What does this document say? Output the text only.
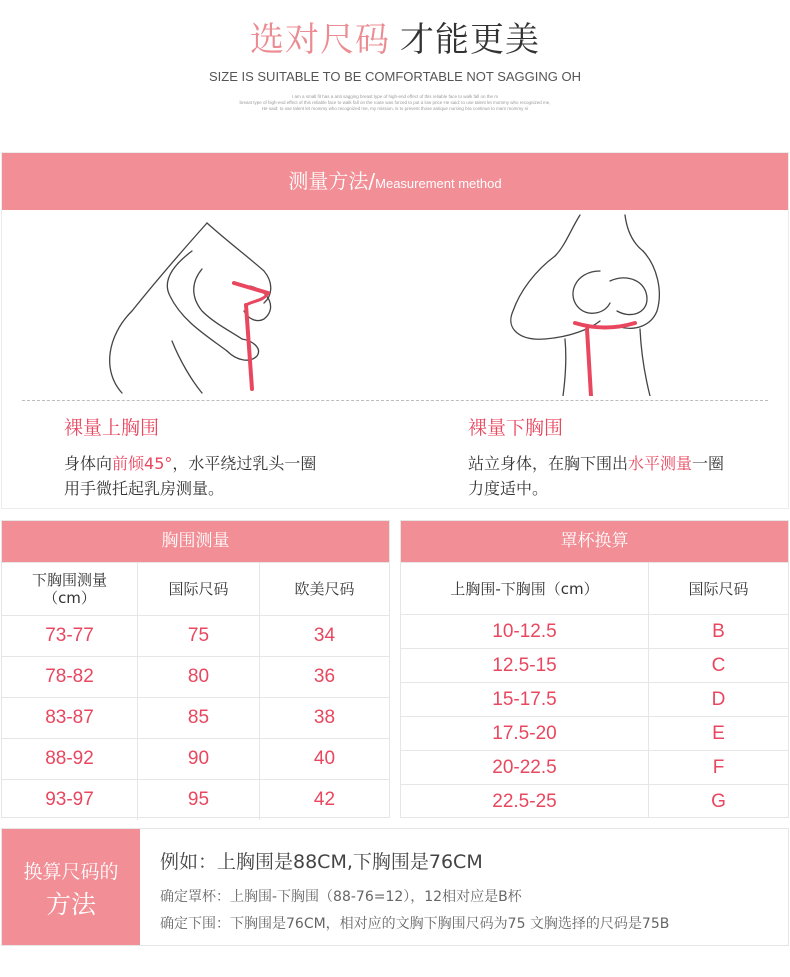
选对尺码 才能更美
SIZE IS SUITABLE TO BE COMFORTABLE NOT SAGGING OH
I am a small fit has a anti sagging breast type of high-end effect of this reliable face to walk fall on the m
breast type of high-end effect of this reliable face to walk fall on the route was forced to put a low price He said: to use talent let mommy who recognized me,
He said: to use talent let mommy who recognized me, my mission, is to prevent those antique nursing bra continue to mam mommy ni
测量方法/Measurement method
裸量上胸围
身体向前倾45°，水平绕过乳头一圈
用手微托起乳房测量。
裸量下胸围
站立身体，在胸下围出水平测量一圈
力度适中。
胸围测量
下胸围测量
（cm）	国际尺码	欧美尺码
73-77	75	34
78-82	80	36
83-87	85	38
88-92	90	40
93-97	95	42
罩杯换算
上胸围-下胸围（cm）	国际尺码
10-12.5	B
12.5-15	C
15-17.5	D
17.5-20	E
20-22.5	F
22.5-25	G
换算尺码的
方法
例如：上胸围是88CM,下胸围是76CM
确定罩杯：上胸围-下胸围（88-76=12），12相对应是B杯
确定下围：下胸围是76CM，相对应的文胸下胸围尺码为75 文胸选择的尺码是75B
